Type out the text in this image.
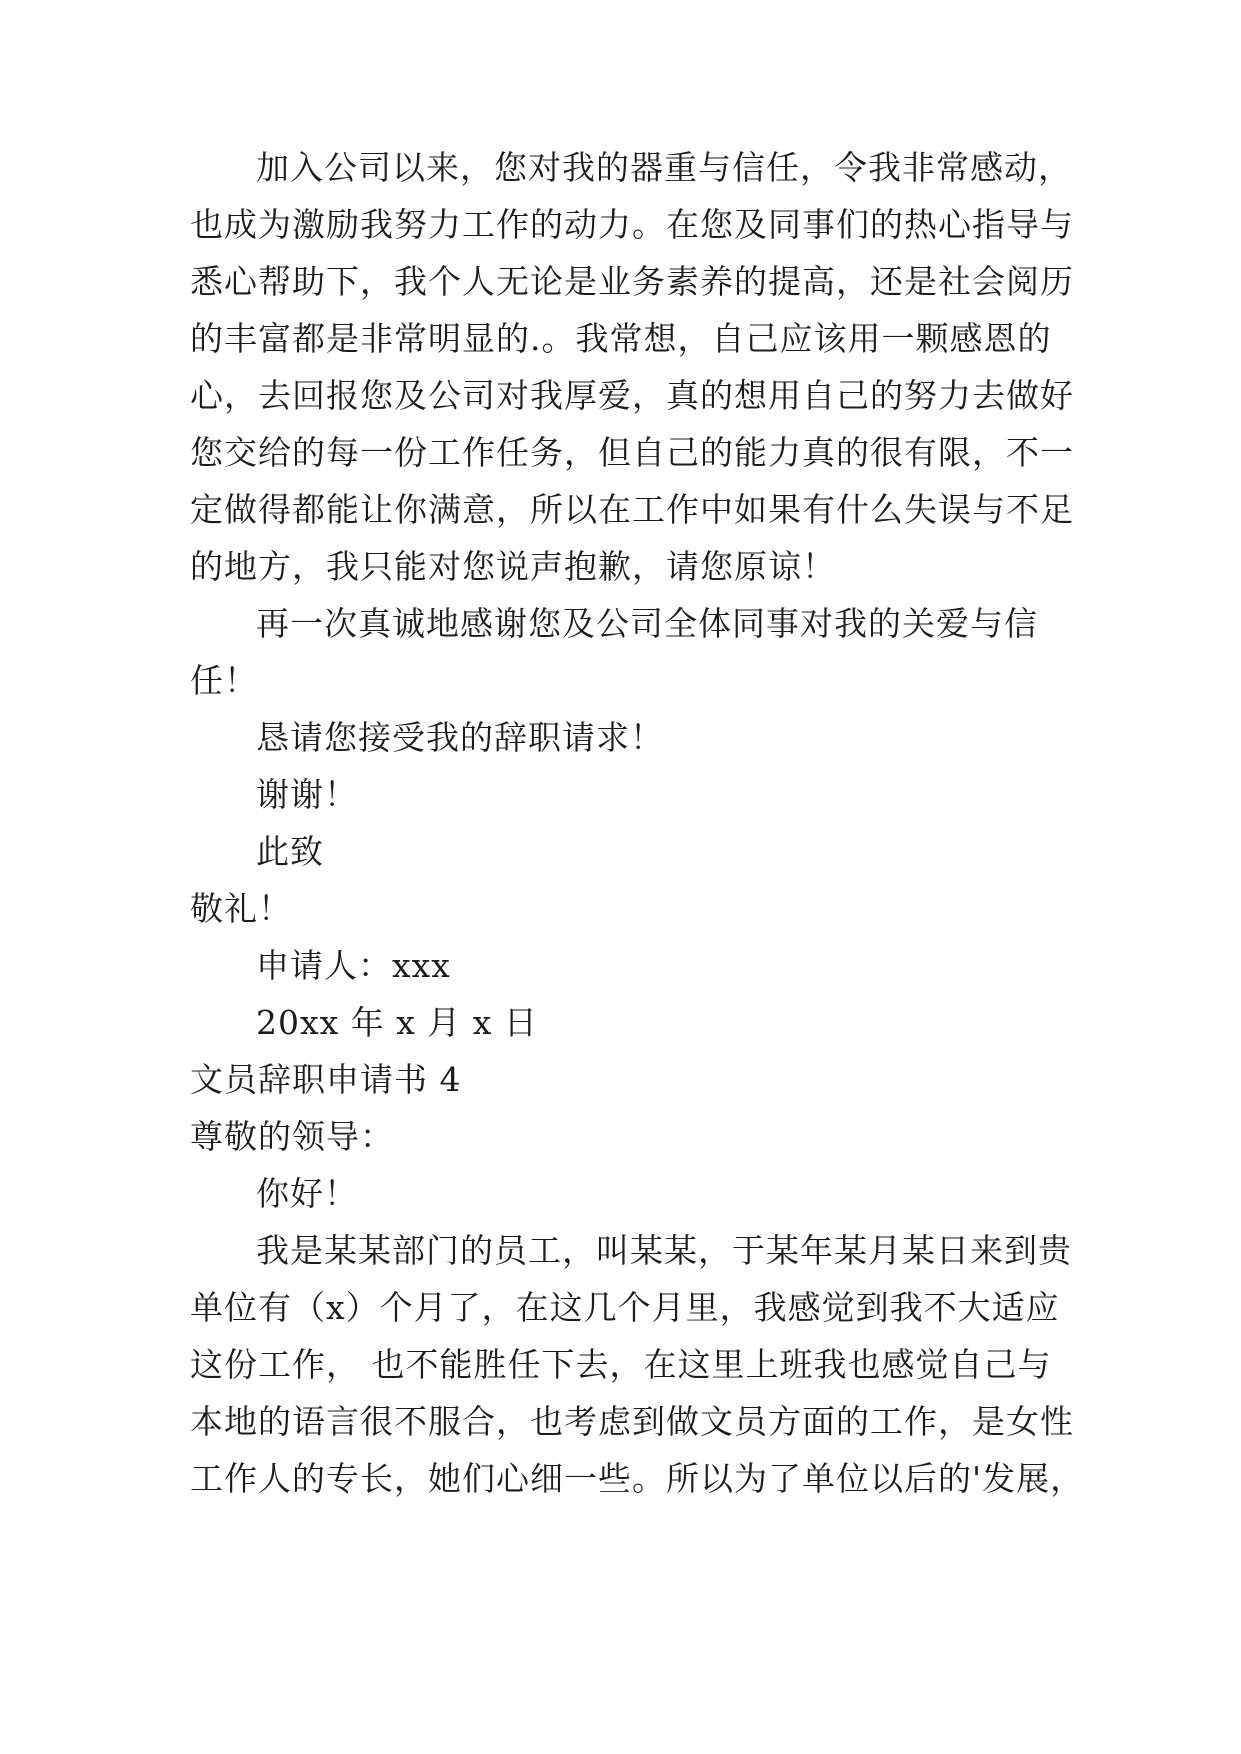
加入公司以来，您对我的器重与信任，令我非常感动，
也成为激励我努力工作的动力。在您及同事们的热心指导与
悉心帮助下，我个人无论是业务素养的提高，还是社会阅历
的丰富都是非常明显的.。我常想，自己应该用一颗感恩的
心，去回报您及公司对我厚爱，真的想用自己的努力去做好
您交给的每一份工作任务，但自己的能力真的很有限，不一
定做得都能让你满意，所以在工作中如果有什么失误与不足
的地方，我只能对您说声抱歉，请您原谅！
再一次真诚地感谢您及公司全体同事对我的关爱与信
任！
恳请您接受我的辞职请求！
谢谢！
此致
敬礼！
申请人：xxx
20xx 年 x 月 x 日
文员辞职申请书 4
尊敬的领导：
你好！
我是某某部门的员工，叫某某，于某年某月某日来到贵
单位有（x）个月了，在这几个月里，我感觉到我不大适应
这份工作， 也不能胜任下去，在这里上班我也感觉自己与
本地的语言很不服合，也考虑到做文员方面的工作，是女性
工作人的专长，她们心细一些。所以为了单位以后的'发展，
